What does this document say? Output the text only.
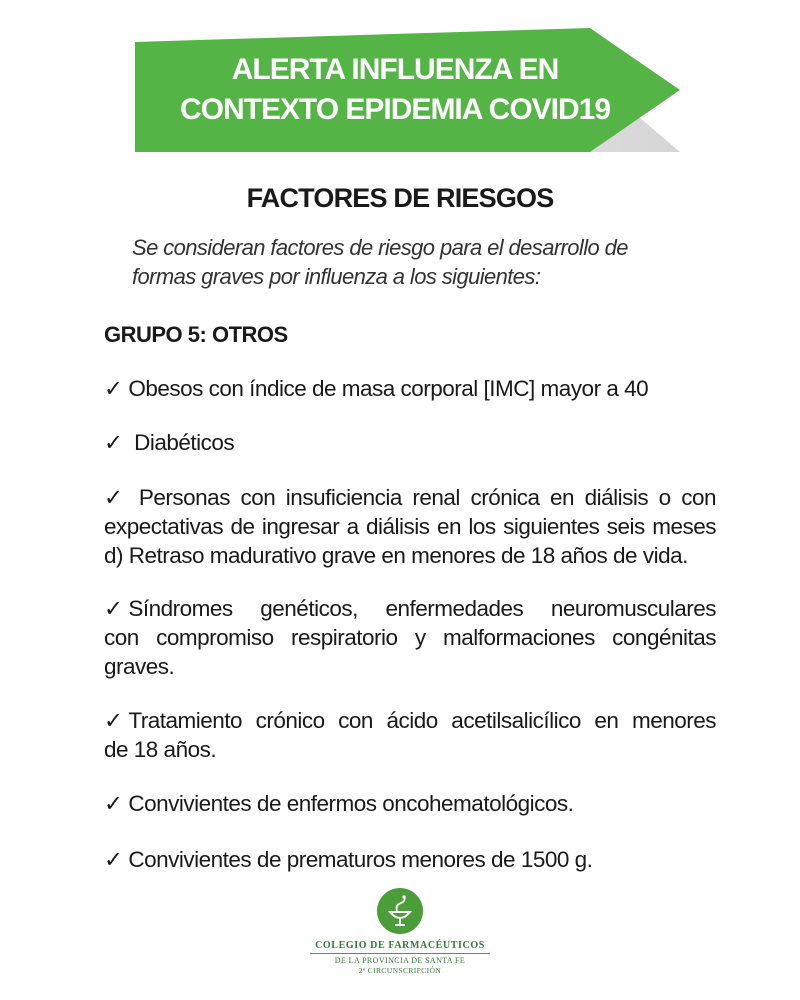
ALERTA INFLUENZA EN
CONTEXTO EPIDEMIA COVID19
FACTORES DE RIESGOS
Se consideran factores de riesgo para el desarrollo de
formas graves por influenza a los siguientes:
GRUPO 5: OTROS
✓ Obesos con índice de masa corporal [IMC] mayor a 40
✓ Diabéticos
✓ Personas con insuficiencia renal crónica en diálisis o con
expectativas de ingresar a diálisis en los siguientes seis meses
d) Retraso madurativo grave en menores de 18 años de vida.
✓ Síndromes genéticos, enfermedades neuromusculares
con compromiso respiratorio y malformaciones congénitas
graves.
✓ Tratamiento crónico con ácido acetilsalicílico en menores
de 18 años.
✓ Convivientes de enfermos oncohematológicos.
✓ Convivientes de prematuros menores de 1500 g.
COLEGIO DE FARMACÉUTICOS
DE LA PROVINCIA DE SANTA FE
2ª CIRCUNSCRIPCIÓN
